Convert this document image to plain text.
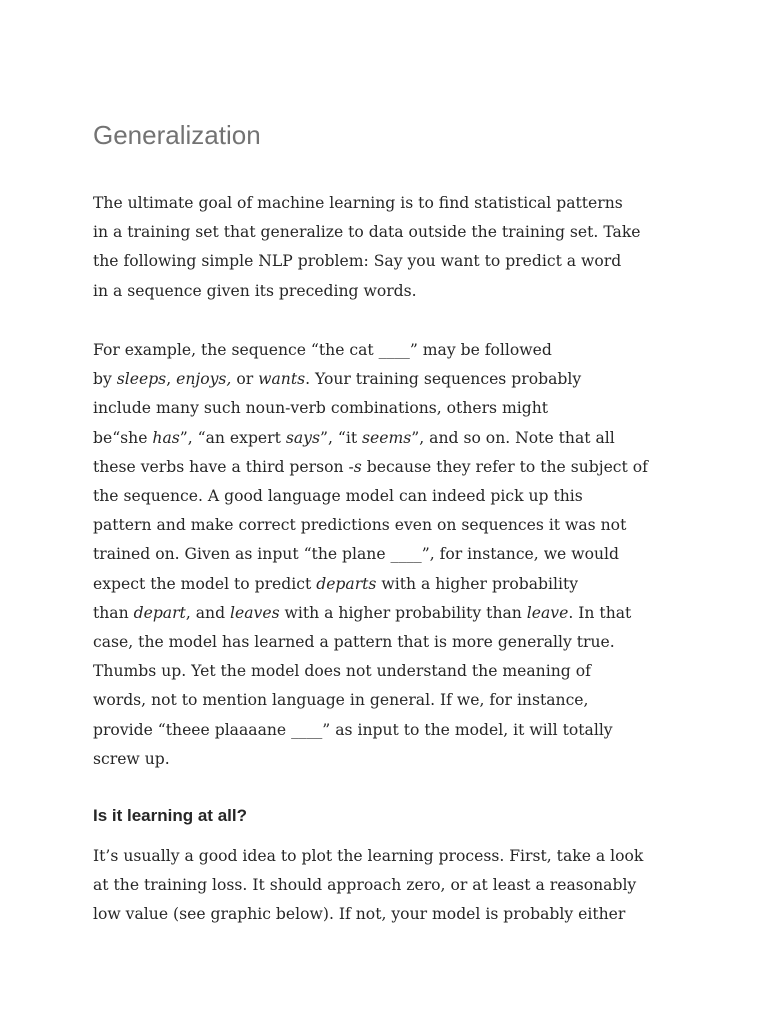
Generalization

The ultimate goal of machine learning is to find statistical patterns
in a training set that generalize to data outside the training set. Take
the following simple NLP problem: Say you want to predict a word
in a sequence given its preceding words.

For example, the sequence “the cat ____” may be followed
by sleeps, enjoys, or wants. Your training sequences probably
include many such noun-verb combinations, others might
be“she has”, “an expert says”, “it seems”, and so on. Note that all
these verbs have a third person -s because they refer to the subject of
the sequence. A good language model can indeed pick up this
pattern and make correct predictions even on sequences it was not
trained on. Given as input “the plane ____”, for instance, we would
expect the model to predict departs with a higher probability
than depart, and leaves with a higher probability than leave. In that
case, the model has learned a pattern that is more generally true.
Thumbs up. Yet the model does not understand the meaning of
words, not to mention language in general. If we, for instance,
provide “theee plaaaane ____” as input to the model, it will totally
screw up.

Is it learning at all?

It’s usually a good idea to plot the learning process. First, take a look
at the training loss. It should approach zero, or at least a reasonably
low value (see graphic below). If not, your model is probably either
